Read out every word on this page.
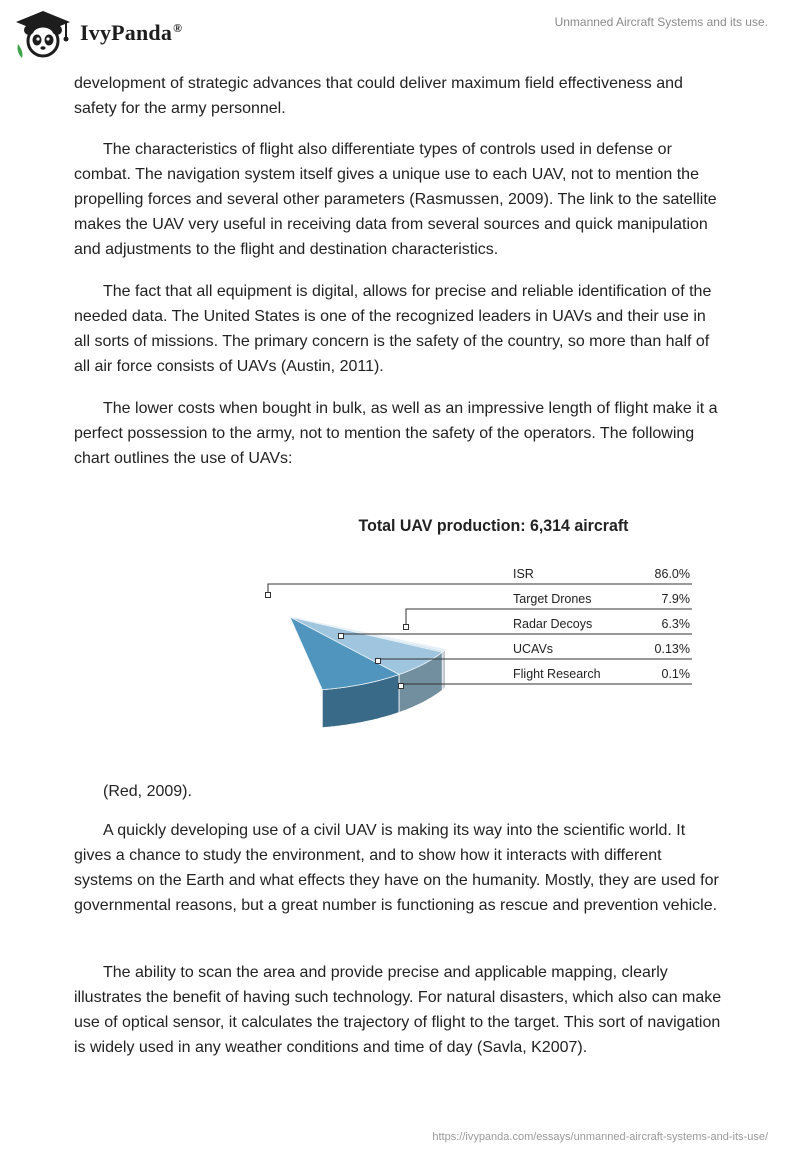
IvyPanda®	Unmanned Aircraft Systems and its use.

development of strategic advances that could deliver maximum field effectiveness and safety for the army personnel.

The characteristics of flight also differentiate types of controls used in defense or combat. The navigation system itself gives a unique use to each UAV, not to mention the propelling forces and several other parameters (Rasmussen, 2009). The link to the satellite makes the UAV very useful in receiving data from several sources and quick manipulation and adjustments to the flight and destination characteristics.

The fact that all equipment is digital, allows for precise and reliable identification of the needed data. The United States is one of the recognized leaders in UAVs and their use in all sorts of missions. The primary concern is the safety of the country, so more than half of all air force consists of UAVs (Austin, 2011).

The lower costs when bought in bulk, as well as an impressive length of flight make it a perfect possession to the army, not to mention the safety of the operators. The following chart outlines the use of UAVs:

Total UAV production: 6,314 aircraft
ISR	86.0%
Target Drones	7.9%
Radar Decoys	6.3%
UCAVs	0.13%
Flight Research	0.1%

(Red, 2009).

A quickly developing use of a civil UAV is making its way into the scientific world. It gives a chance to study the environment, and to show how it interacts with different systems on the Earth and what effects they have on the humanity. Mostly, they are used for governmental reasons, but a great number is functioning as rescue and prevention vehicle.

The ability to scan the area and provide precise and applicable mapping, clearly illustrates the benefit of having such technology. For natural disasters, which also can make use of optical sensor, it calculates the trajectory of flight to the target. This sort of navigation is widely used in any weather conditions and time of day (Savla, K2007).

https://ivypanda.com/essays/unmanned-aircraft-systems-and-its-use/
